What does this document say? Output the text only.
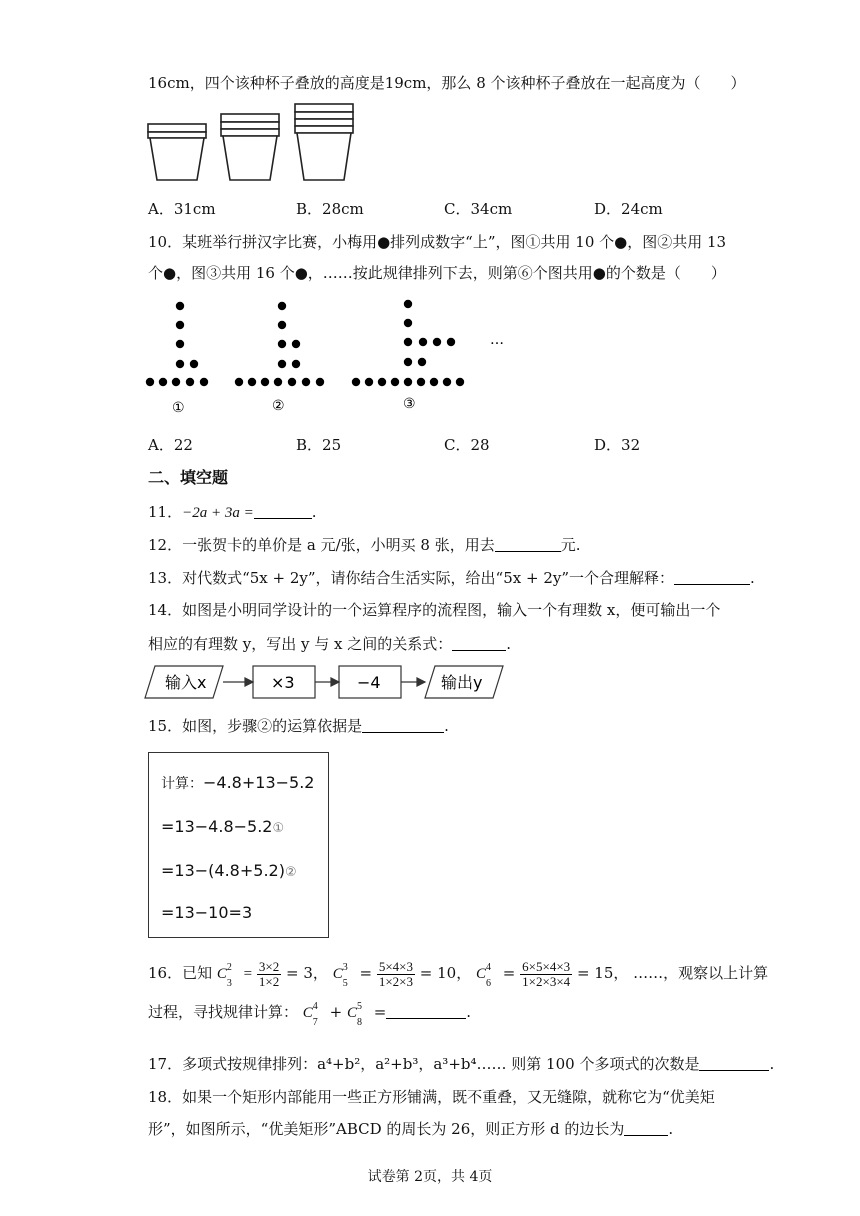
16cm，四个该种杯子叠放的高度是19cm，那么 8 个该种杯子叠放在一起高度为（　　）
A．31cm	B．28cm	C．34cm	D．24cm
10．某班举行拼汉字比赛，小梅用●排列成数字“上”，图①共用 10 个●，图②共用 13
个●，图③共用 16 个●，……按此规律排列下去，则第⑥个图共用●的个数是（　　）
①	②	③
…
A．22	B．25	C．28	D．32
二、填空题
11．−2a + 3a =	.
12．一张贺卡的单价是 a 元/张，小明买 8 张，用去	元.
13．对代数式“5x + 2y”，请你结合生活实际，给出“5x + 2y”一个合理解释：	.
14．如图是小明同学设计的一个运算程序的流程图，输入一个有理数 x，便可输出一个
相应的有理数 y，写出 y 与 x 之间的关系式：	.
输入x	×3	−4	输出y
15．如图，步骤②的运算依据是	.
计算：−4.8+13−5.2
=13−4.8−5.2①
=13−(4.8+5.2)②
=13−10=3
16．已知 C 2
3
= $\frac{3\times 2}{1\times 2} = 3$， C 3
5
= $\frac{5\times 4\times 3}{1\times 2\times 3} = 10$， C 4
6
= $\frac{6\times 5\times 4\times 3}{1\times 2\times 3\times 4} = 15$， ……，观察以上计算
过程，寻找规律计算： C 4
7
+ C 5
8
=	.
17．多项式按规律排列：a⁴+b²，a²+b³，a³+b⁴…… 则第 100 个多项式的次数是	.
18．如果一个矩形内部能用一些正方形铺满，既不重叠，又无缝隙，就称它为“优美矩
形”，如图所示，“优美矩形”ABCD 的周长为 26，则正方形 d 的边长为	.
试卷第 2页，共 4页
